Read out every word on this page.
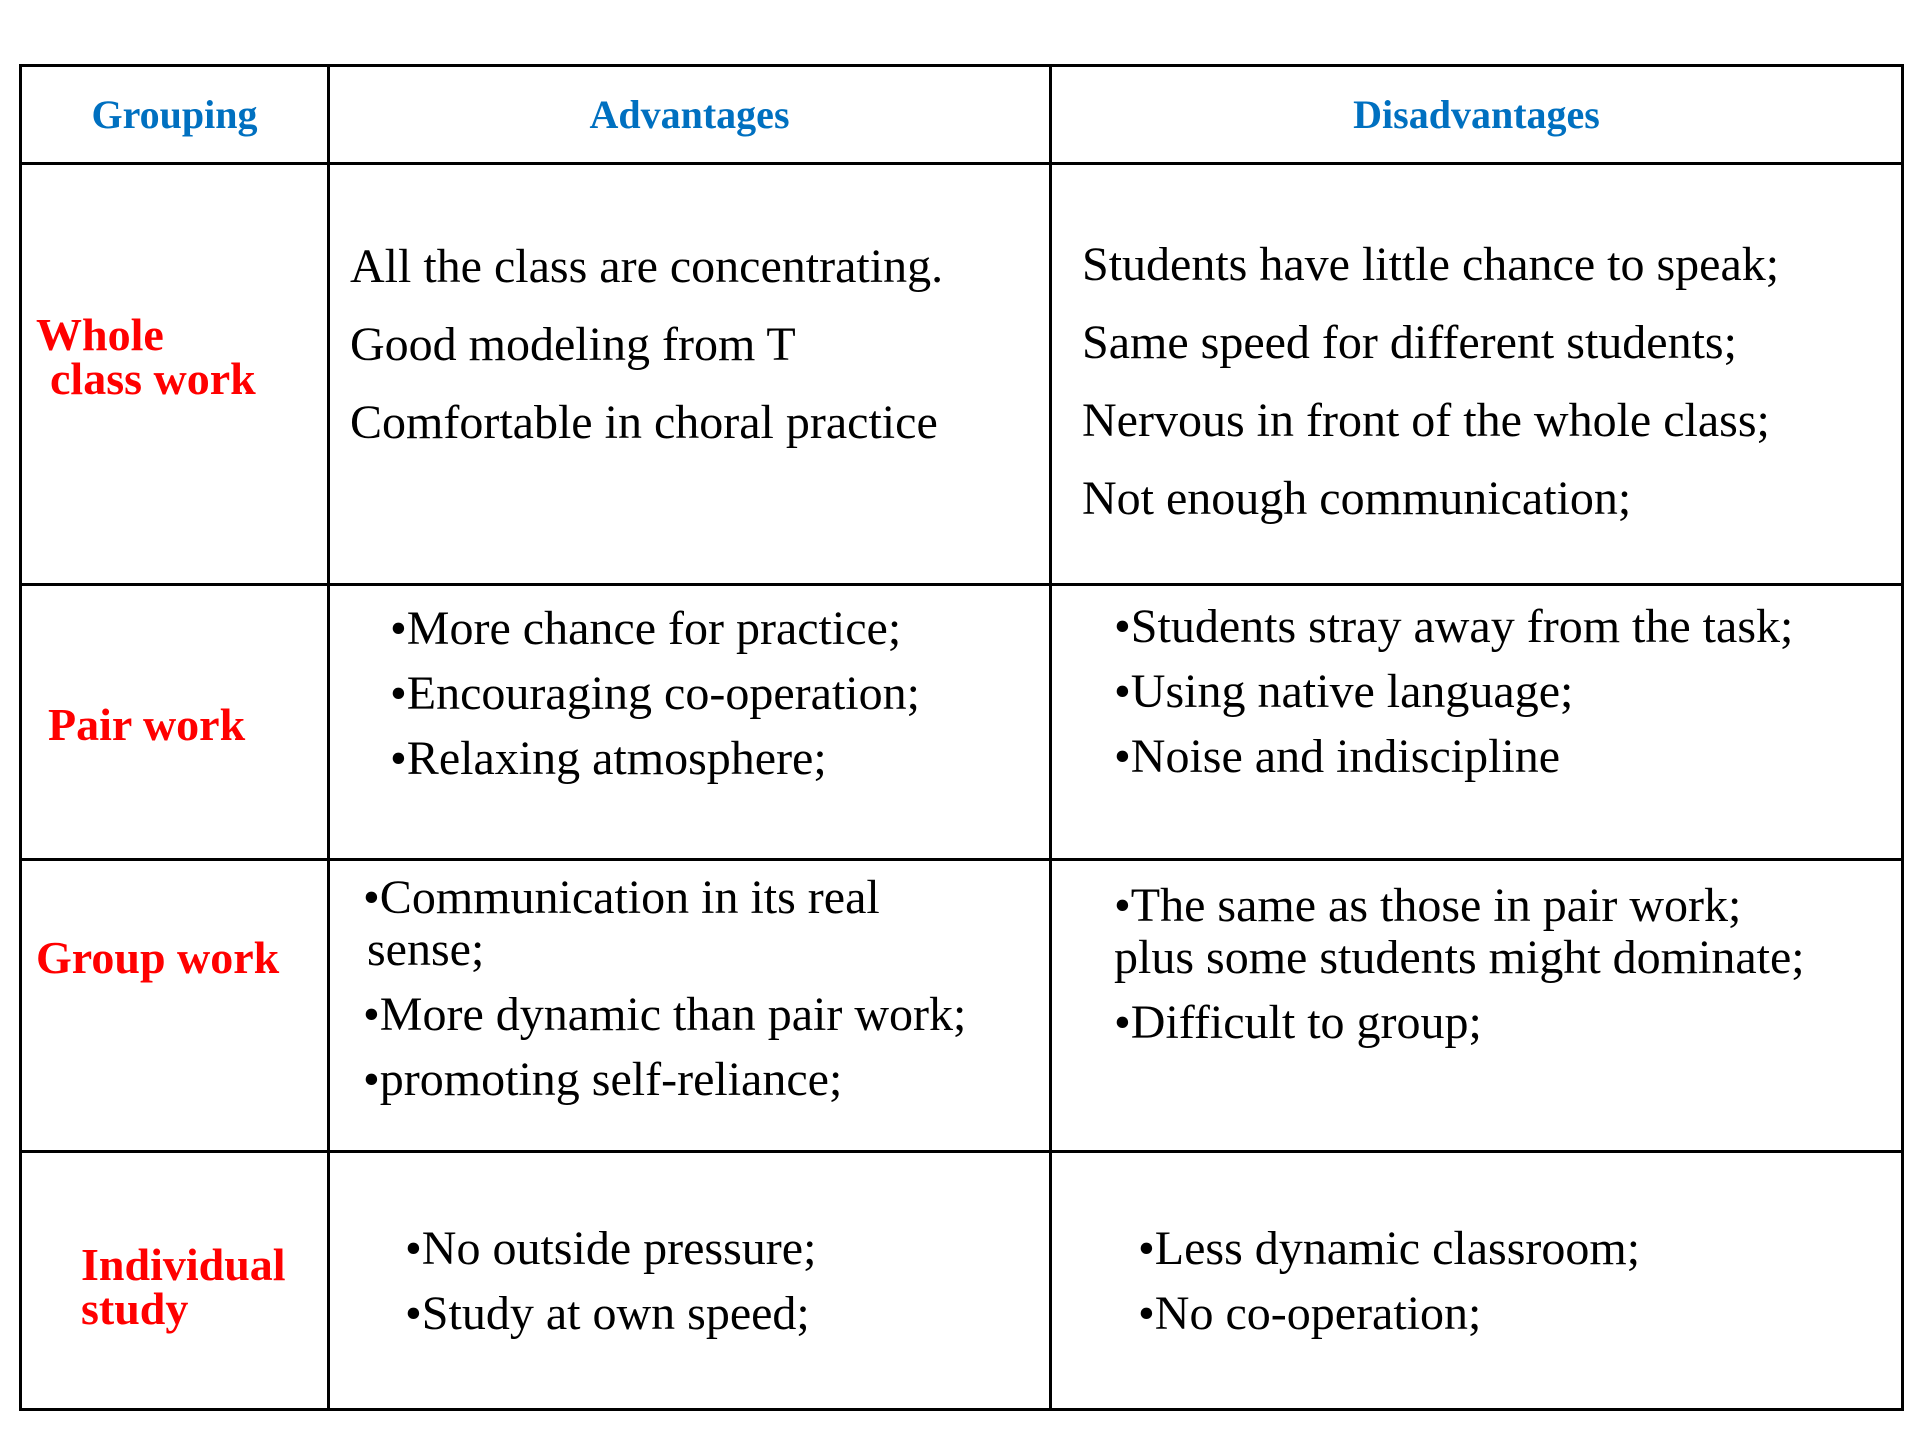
Grouping	Advantages	Disadvantages
Whole
class work
All the class are concentrating.
Good modeling from T
Comfortable in choral practice
Students have little chance to speak;
Same speed for different students;
Nervous in front of the whole class;
Not enough communication;
Pair work
•More chance for practice;
•Encouraging co-operation;
•Relaxing atmosphere;
•Students stray away from the task;
•Using native language;
•Noise and indiscipline
Group work
•Communication in its real
sense;
•More dynamic than pair work;
•promoting self-reliance;
•The same as those in pair work;
plus some students might dominate;
•Difficult to group;
Individual
study
•No outside pressure;
•Study at own speed;
•Less dynamic classroom;
•No co-operation;
